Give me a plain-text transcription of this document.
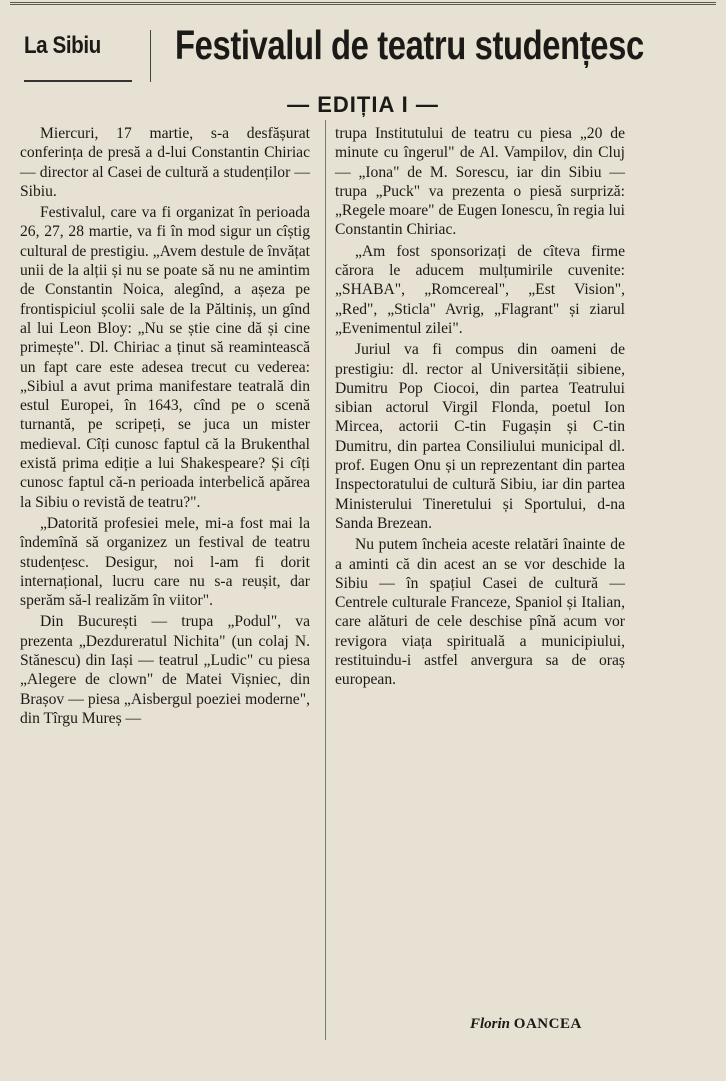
La Sibiu Festivalul de teatru studențesc
— EDIȚIA I —

Miercuri, 17 martie, s-a desfășurat conferința de presă a d-lui Constantin Chiriac — director al Casei de cultură a studenților — Sibiu.

Festivalul, care va fi organizat în perioada 26, 27, 28 martie, va fi în mod sigur un cîștig cultural de prestigiu. „Avem destule de învățat unii de la alții și nu se poate să nu ne amintim de Constantin Noica, alegînd, a așeza pe frontispiciul școlii sale de la Păltiniș, un gînd al lui Leon Bloy: „Nu se știe cine dă și cine primește". Dl. Chiriac a ținut să reamintească un fapt care este adesea trecut cu vederea: „Sibiul a avut prima manifestare teatrală din estul Europei, în 1643, cînd pe o scenă turnantă, pe scripeți, se juca un mister medieval. Cîți cunosc faptul că la Brukenthal există prima ediție a lui Shakespeare? Și cîți cunosc faptul că-n perioada interbelică apărea la Sibiu o revistă de teatru?".

„Datorită profesiei mele, mi-a fost mai la îndemînă să organizez un festival de teatru studențesc. Desigur, noi l-am fi dorit internațional, lucru care nu s-a reușit, dar sperăm să-l realizăm în viitor".

Din București — trupa „Podul", va prezenta „Dezdureratul Nichita" (un colaj N. Stănescu) din Iași — teatrul „Ludic" cu piesa „Alegere de clown" de Matei Vișniec, din Brașov — piesa „Aisbergul poeziei moderne", din Tîrgu Mureș —

trupa Institutului de teatru cu piesa „20 de minute cu îngerul" de Al. Vampilov, din Cluj — „Iona" de M. Sorescu, iar din Sibiu — trupa „Puck" va prezenta o piesă surpriză: „Regele moare" de Eugen Ionescu, în regia lui Constantin Chiriac.

„Am fost sponsorizați de cîteva firme cărora le aducem mulțumirile cuvenite: „SHABA", „Romcereal", „Est Vision", „Red", „Sticla" Avrig, „Flagrant" și ziarul „Evenimentul zilei".

Juriul va fi compus din oameni de prestigiu: dl. rector al Universității sibiene, Dumitru Pop Ciocoi, din partea Teatrului sibian actorul Virgil Flonda, poetul Ion Mircea, actorii C-tin Fugașin și C-tin Dumitru, din partea Consiliului municipal dl. prof. Eugen Onu și un reprezentant din partea Inspectoratului de cultură Sibiu, iar din partea Ministerului Tineretului și Sportului, d-na Sanda Brezean.

Nu putem încheia aceste relatări înainte de a aminti că din acest an se vor deschide la Sibiu — în spațiul Casei de cultură — Centrele culturale Franceze, Spaniol și Italian, care alături de cele deschise pînă acum vor revigora viața spirituală a municipiului, restituindu-i astfel anvergura sa de oraș european.

Florin OANCEA
